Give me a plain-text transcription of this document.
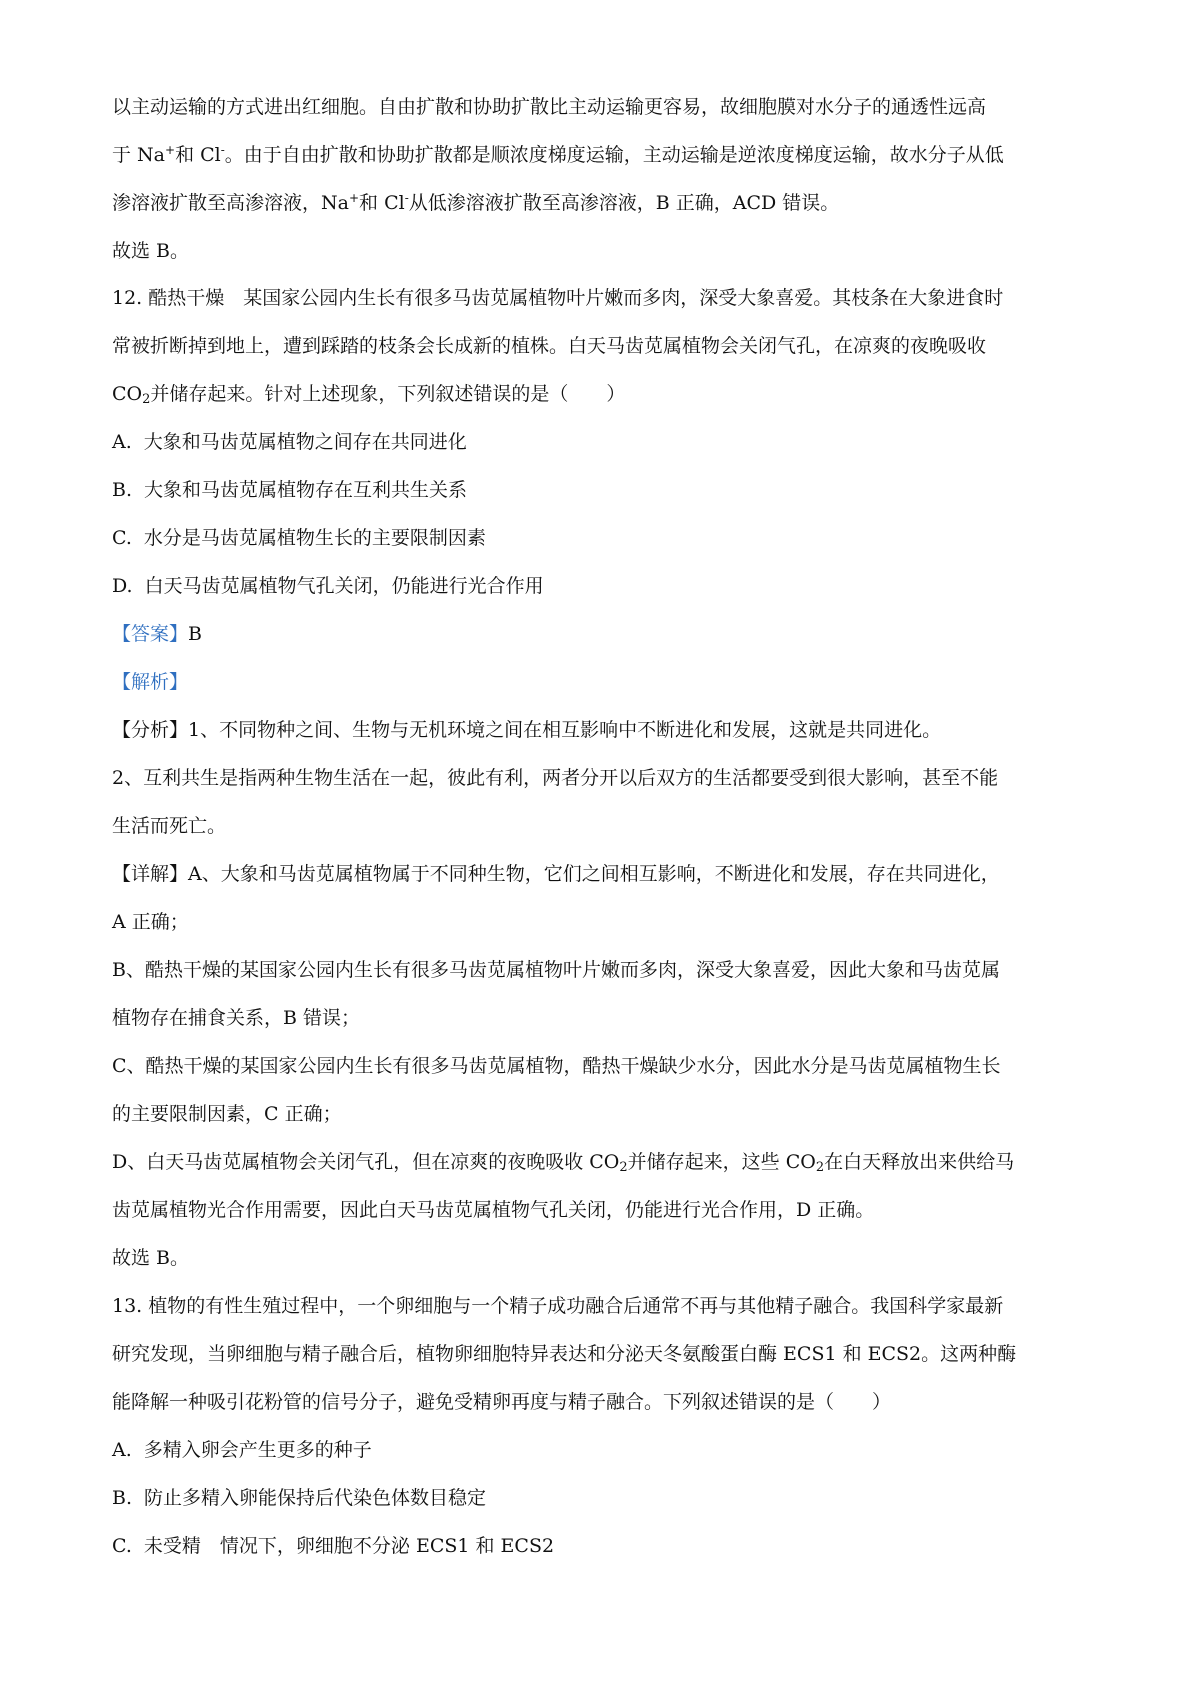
以主动运输的方式进出红细胞。自由扩散和协助扩散比主动运输更容易，故细胞膜对水分子的通透性远高
于 Na+和 Cl-。由于自由扩散和协助扩散都是顺浓度梯度运输，主动运输是逆浓度梯度运输，故水分子从低
渗溶液扩散至高渗溶液，Na+和 Cl-从低渗溶液扩散至高渗溶液，B 正确，ACD 错误。
故选 B。
12. 酷热干燥　某国家公园内生长有很多马齿苋属植物叶片嫩而多肉，深受大象喜爱。其枝条在大象进食时
常被折断掉到地上，遭到踩踏的枝条会长成新的植株。白天马齿苋属植物会关闭气孔，在凉爽的夜晚吸收
$CO_2$并储存起来。针对上述现象，下列叙述错误的是（　　）
A. 大象和马齿苋属植物之间存在共同进化
B. 大象和马齿苋属植物存在互利共生关系
C. 水分是马齿苋属植物生长的主要限制因素
D. 白天马齿苋属植物气孔关闭，仍能进行光合作用
【答案】B
【解析】
【分析】1、不同物种之间、生物与无机环境之间在相互影响中不断进化和发展，这就是共同进化。
2、互利共生是指两种生物生活在一起，彼此有利，两者分开以后双方的生活都要受到很大影响，甚至不能
生活而死亡。
【详解】A、大象和马齿苋属植物属于不同种生物，它们之间相互影响，不断进化和发展，存在共同进化，
A 正确；
B、酷热干燥的某国家公园内生长有很多马齿苋属植物叶片嫩而多肉，深受大象喜爱，因此大象和马齿苋属
植物存在捕食关系，B 错误；
C、酷热干燥的某国家公园内生长有很多马齿苋属植物，酷热干燥缺少水分，因此水分是马齿苋属植物生长
的主要限制因素，C 正确；
D、白天马齿苋属植物会关闭气孔，但在凉爽的夜晚吸收 $CO_2$并储存起来，这些 $CO_2$在白天释放出来供给马
齿苋属植物光合作用需要，因此白天马齿苋属植物气孔关闭，仍能进行光合作用，D 正确。
故选 B。
13. 植物的有性生殖过程中，一个卵细胞与一个精子成功融合后通常不再与其他精子融合。我国科学家最新
研究发现，当卵细胞与精子融合后，植物卵细胞特异表达和分泌天冬氨酸蛋白酶 ECS1 和 ECS2。这两种酶
能降解一种吸引花粉管的信号分子，避免受精卵再度与精子融合。下列叙述错误的是（　　）
A. 多精入卵会产生更多的种子
B. 防止多精入卵能保持后代染色体数目稳定
C. 未受精　情况下，卵细胞不分泌 ECS1 和 ECS2
